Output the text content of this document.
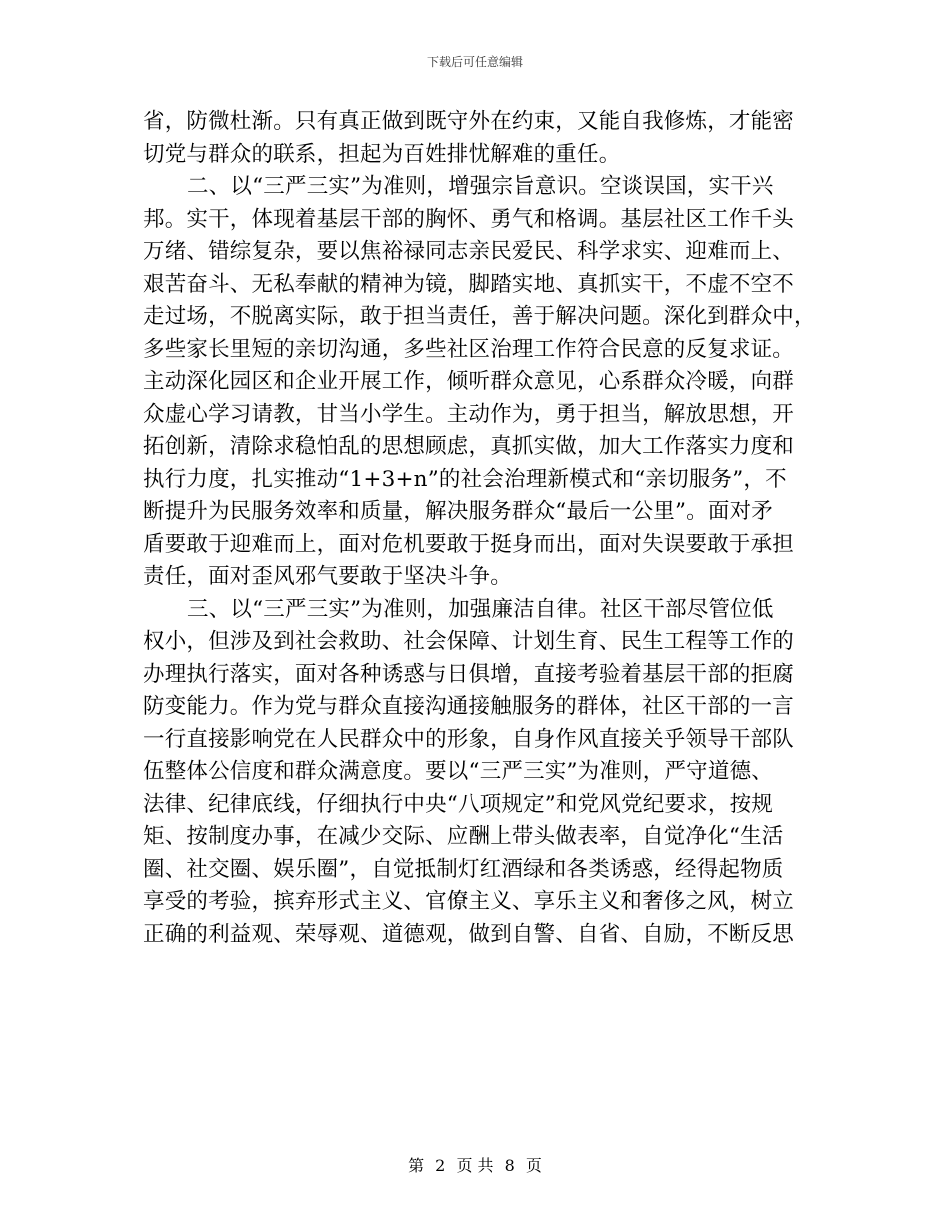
下载后可任意编辑
省，防微杜渐。只有真正做到既守外在约束，又能自我修炼，才能密
切党与群众的联系，担起为百姓排忧解难的重任。
二、以“三严三实”为准则，增强宗旨意识。空谈误国，实干兴
邦。实干，体现着基层干部的胸怀、勇气和格调。基层社区工作千头
万绪、错综复杂，要以焦裕禄同志亲民爱民、科学求实、迎难而上、
艰苦奋斗、无私奉献的精神为镜，脚踏实地、真抓实干，不虚不空不
走过场，不脱离实际，敢于担当责任，善于解决问题。深化到群众中，
多些家长里短的亲切沟通，多些社区治理工作符合民意的反复求证。
主动深化园区和企业开展工作，倾听群众意见，心系群众冷暖，向群
众虚心学习请教，甘当小学生。主动作为，勇于担当，解放思想，开
拓创新，清除求稳怕乱的思想顾虑，真抓实做，加大工作落实力度和
执行力度，扎实推动“1+3+n”的社会治理新模式和“亲切服务”，不
断提升为民服务效率和质量，解决服务群众“最后一公里”。面对矛
盾要敢于迎难而上，面对危机要敢于挺身而出，面对失误要敢于承担
责任，面对歪风邪气要敢于坚决斗争。
三、以“三严三实”为准则，加强廉洁自律。社区干部尽管位低
权小，但涉及到社会救助、社会保障、计划生育、民生工程等工作的
办理执行落实，面对各种诱惑与日俱增，直接考验着基层干部的拒腐
防变能力。作为党与群众直接沟通接触服务的群体，社区干部的一言
一行直接影响党在人民群众中的形象，自身作风直接关乎领导干部队
伍整体公信度和群众满意度。要以“三严三实”为准则，严守道德、
法律、纪律底线，仔细执行中央“八项规定”和党风党纪要求，按规
矩、按制度办事，在减少交际、应酬上带头做表率，自觉净化“生活
圈、社交圈、娱乐圈”，自觉抵制灯红酒绿和各类诱惑，经得起物质
享受的考验，摈弃形式主义、官僚主义、享乐主义和奢侈之风，树立
正确的利益观、荣辱观、道德观，做到自警、自省、自励，不断反思
第 2 页 共 8 页
